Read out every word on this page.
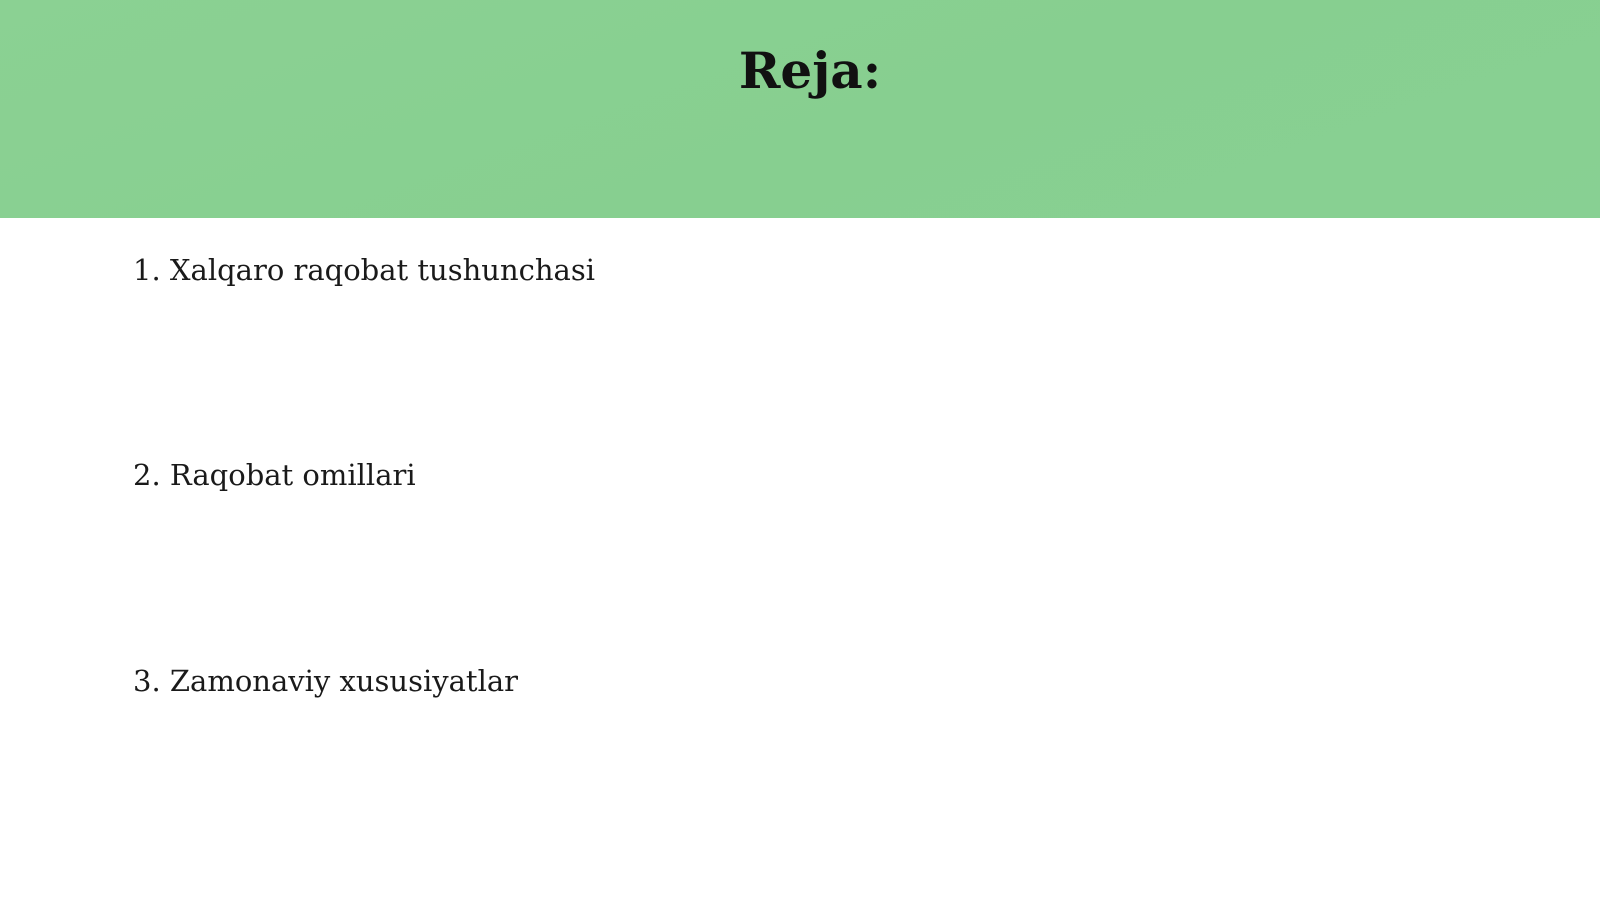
Reja:
1. Xalqaro raqobat tushunchasi
2. Raqobat omillari
3. Zamonaviy xususiyatlar
